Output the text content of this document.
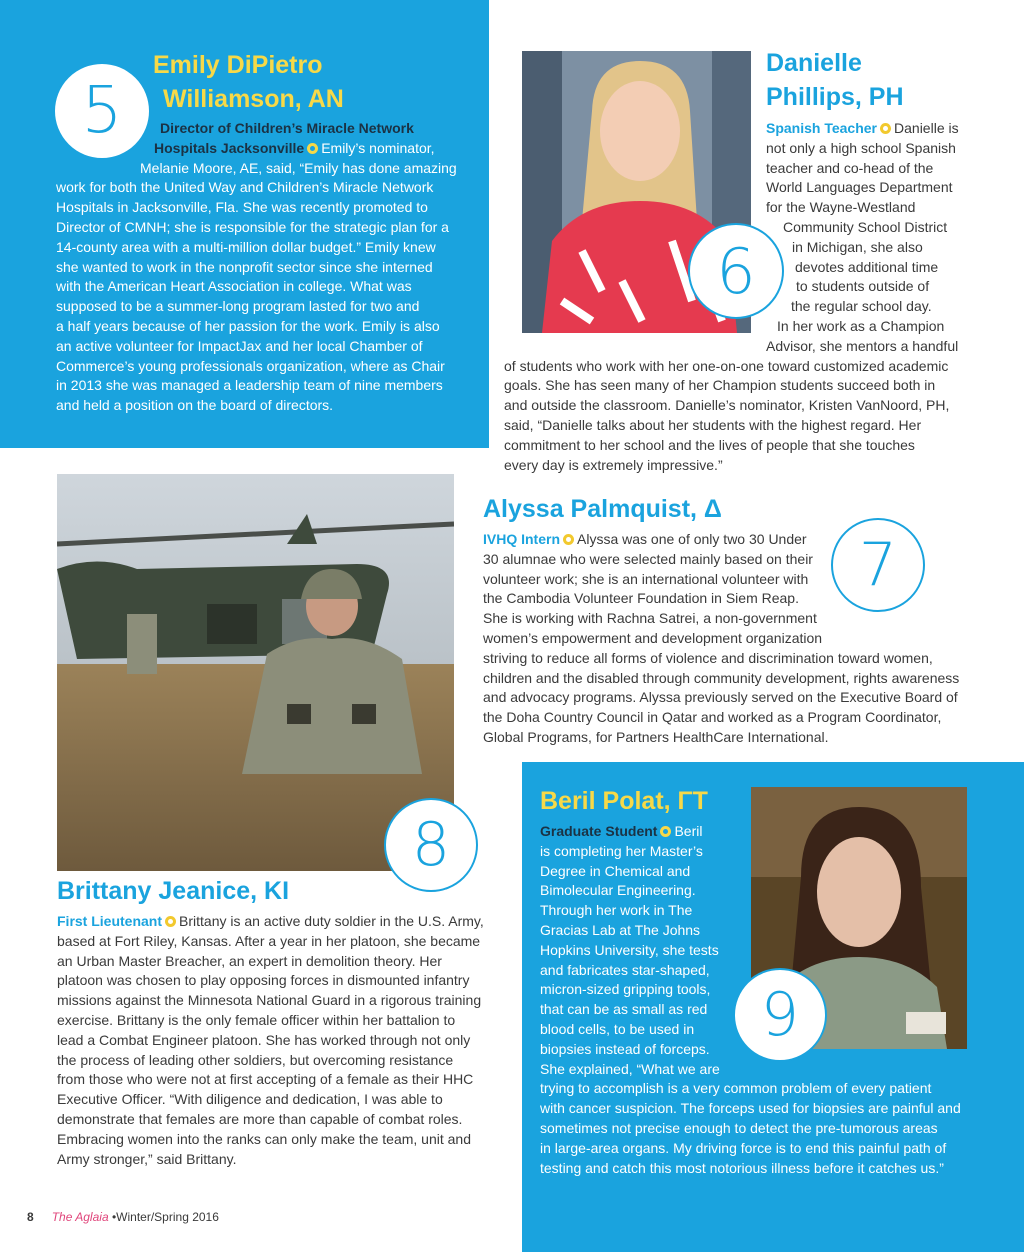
5
Emily DiPietro
Williamson, AN
Director of Children’s Miracle Network
Hospitals Jacksonville Emily’s nominator,
Melanie Moore, AE, said, “Emily has done amazing
work for both the United Way and Children’s Miracle Network
Hospitals in Jacksonville, Fla. She was recently promoted to
Director of CMNH; she is responsible for the strategic plan for a
14-county area with a multi-million dollar budget.” Emily knew
she wanted to work in the nonprofit sector since she interned
with the American Heart Association in college. What was
supposed to be a summer-long program lasted for two and
a half years because of her passion for the work. Emily is also
an active volunteer for ImpactJax and her local Chamber of
Commerce’s young professionals organization, where as Chair
in 2013 she was managed a leadership team of nine members
and held a position on the board of directors.
6
Danielle
Phillips, PH
Spanish Teacher Danielle is
not only a high school Spanish
teacher and co-head of the
World Languages Department
for the Wayne-Westland
Community School District
in Michigan, she also
devotes additional time
to students outside of
the regular school day.
In her work as a Champion
Advisor, she mentors a handful
of students who work with her one-on-one toward customized academic
goals. She has seen many of her Champion students succeed both in
and outside the classroom. Danielle’s nominator, Kristen VanNoord, PH,
said, “Danielle talks about her students with the highest regard. Her
commitment to her school and the lives of people that she touches
every day is extremely impressive.”
Alyssa Palmquist, Δ
7
IVHQ Intern Alyssa was one of only two 30 Under
30 alumnae who were selected mainly based on their
volunteer work; she is an international volunteer with
the Cambodia Volunteer Foundation in Siem Reap.
She is working with Rachna Satrei, a non-government
women’s empowerment and development organization
striving to reduce all forms of violence and discrimination toward women,
children and the disabled through community development, rights awareness
and advocacy programs. Alyssa previously served on the Executive Board of
the Doha Country Council in Qatar and worked as a Program Coordinator,
Global Programs, for Partners HealthCare International.
8
Brittany Jeanice, KI
First Lieutenant Brittany is an active duty soldier in the U.S. Army,
based at Fort Riley, Kansas. After a year in her platoon, she became
an Urban Master Breacher, an expert in demolition theory. Her
platoon was chosen to play opposing forces in dismounted infantry
missions against the Minnesota National Guard in a rigorous training
exercise. Brittany is the only female officer within her battalion to
lead a Combat Engineer platoon. She has worked through not only
the process of leading other soldiers, but overcoming resistance
from those who were not at first accepting of a female as their HHC
Executive Officer. “With diligence and dedication, I was able to
demonstrate that females are more than capable of combat roles.
Embracing women into the ranks can only make the team, unit and
Army stronger,” said Brittany.
9
Beril Polat, ΓΤ
Graduate Student Beril
is completing her Master’s
Degree in Chemical and
Bimolecular Engineering.
Through her work in The
Gracias Lab at The Johns
Hopkins University, she tests
and fabricates star-shaped,
micron-sized gripping tools,
that can be as small as red
blood cells, to be used in
biopsies instead of forceps.
She explained, “What we are
trying to accomplish is a very common problem of every patient
with cancer suspicion. The forceps used for biopsies are painful and
sometimes not precise enough to detect the pre-tumorous areas
in large-area organs. My driving force is to end this painful path of
testing and catch this most notorious illness before it catches us.”
8 The Aglaia •Winter/Spring 2016
